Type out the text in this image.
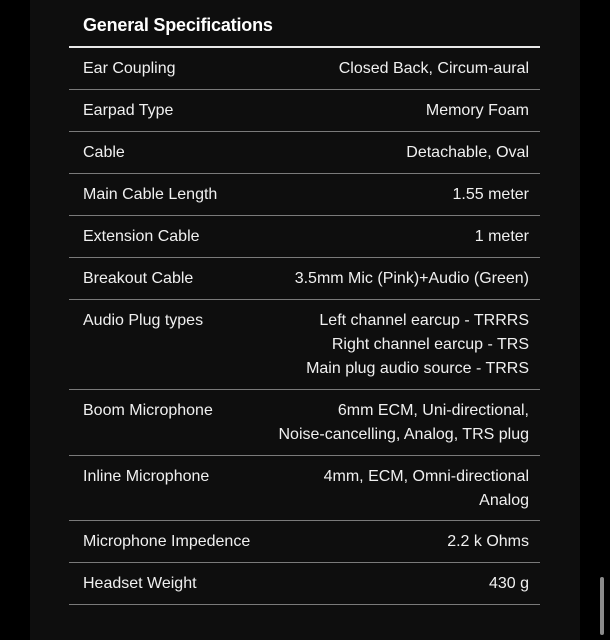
General Specifications
Ear Coupling	Closed Back, Circum-aural
Earpad Type	Memory Foam
Cable	Detachable, Oval
Main Cable Length	1.55 meter
Extension Cable	1 meter
Breakout Cable	3.5mm Mic (Pink)+Audio (Green)
Audio Plug types	Left channel earcup - TRRRS
Right channel earcup - TRS
Main plug audio source - TRRS
Boom Microphone	6mm ECM, Uni-directional,
Noise-cancelling, Analog, TRS plug
Inline Microphone	4mm, ECM, Omni-directional
Analog
Microphone Impedence	2.2 k Ohms
Headset Weight	430 g
